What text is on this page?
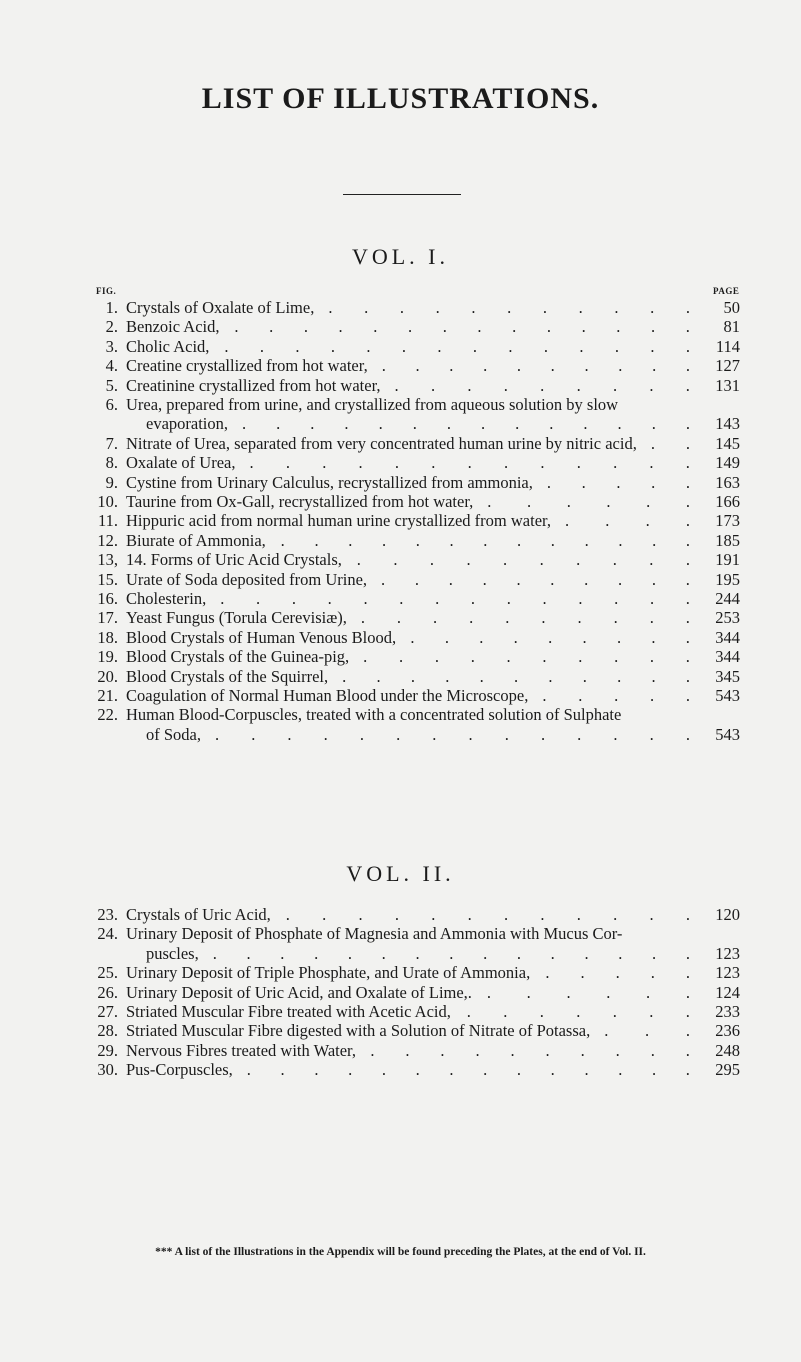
LIST OF ILLUSTRATIONS.
VOL. I.
FIG.	PAGE
1. Crystals of Oxalate of Lime,	50
. . . . . . . . . . .
2. Benzoic Acid,	81
. . . . . . . . . . . . . .
3. Cholic Acid,	114
. . . . . . . . . . . . . .
4. Creatine crystallized from hot water,	127
. . . . . . . . . .
5. Creatinine crystallized from hot water,	131
. . . . . . . . .
6. Urea, prepared from urine, and crystallized from aqueous solution by slow
evaporation,	143
. . . . . . . . . . . . . .
7. Nitrate of Urea, separated from very concentrated human urine by nitric acid,	145
. .
8. Oxalate of Urea,	149
. . . . . . . . . . . . .
9. Cystine from Urinary Calculus, recrystallized from ammonia,	163
. . . . .
10. Taurine from Ox-Gall, recrystallized from hot water,	166
. . . . . .
11. Hippuric acid from normal human urine crystallized from water,	173
. . . .
12. Biurate of Ammonia,	185
. . . . . . . . . . . . .
13, 14. Forms of Uric Acid Crystals,	191
. . . . . . . . . .
15. Urate of Soda deposited from Urine,	195
. . . . . . . . . .
16. Cholesterin,	244
. . . . . . . . . . . . . .
17. Yeast Fungus (Torula Cerevisiæ),	253
. . . . . . . . . .
18. Blood Crystals of Human Venous Blood,	344
. . . . . . . . .
19. Blood Crystals of the Guinea-pig,	344
. . . . . . . . . .
20. Blood Crystals of the Squirrel,	345
. . . . . . . . . . .
21. Coagulation of Normal Human Blood under the Microscope,	543
. . . . .
22. Human Blood-Corpuscles, treated with a concentrated solution of Sulphate
of Soda,	543
. . . . . . . . . . . . . .
VOL. II.
23. Crystals of Uric Acid,	120
. . . . . . . . . . . .
24. Urinary Deposit of Phosphate of Magnesia and Ammonia with Mucus Cor-
puscles,	123
. . . . . . . . . . . . . . .
25. Urinary Deposit of Triple Phosphate, and Urate of Ammonia,	123
. . . . .
26. Urinary Deposit of Uric Acid, and Oxalate of Lime,.	124
. . . . . .
27. Striated Muscular Fibre treated with Acetic Acid,	233
. . . . . . .
28. Striated Muscular Fibre digested with a Solution of Nitrate of Potassa,	236
. . .
29. Nervous Fibres treated with Water,	248
. . . . . . . . . .
30. Pus-Corpuscles,	295
. . . . . . . . . . . . . .
*** A list of the Illustrations in the Appendix will be found preceding the Plates, at the end of Vol. II.
